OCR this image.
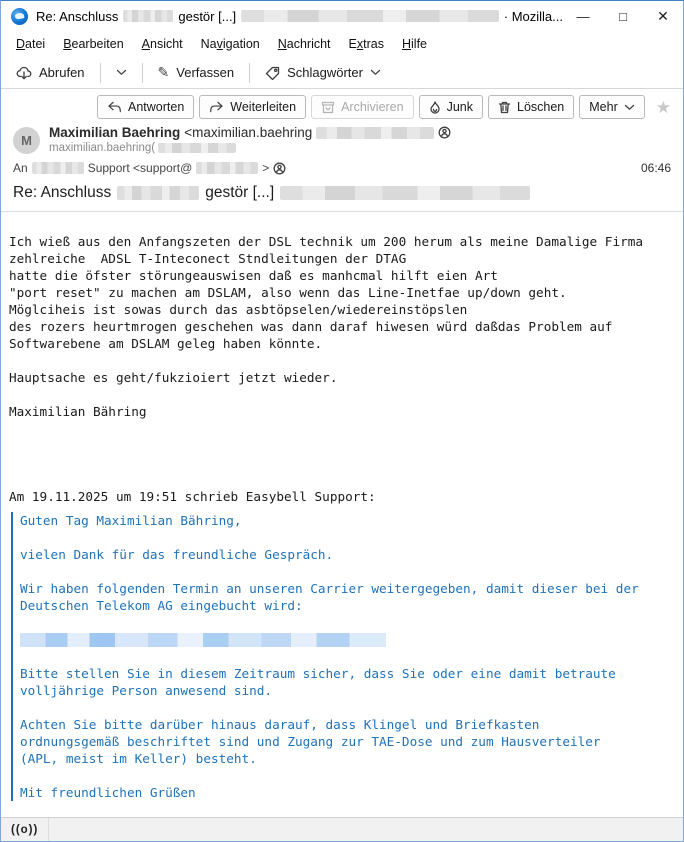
Re: Anschluss	gestör [...]	· Mozilla...	—	□	✕
Datei	Bearbeiten	Ansicht	Navigation	Nachricht	Extras	Hilfe
Abrufen	✎ Verfassen	Schlagwörter
Antworten	Weiterleiten	Archivieren	Junk	Löschen Mehr	★
M
Maximilian Baehring <maximilian.baehring
maximilian.baehring(
An	Support <support@	>	06:46
Re: Anschluss	gestör [...]
Ich wieß aus den Anfangszeten der DSL technik um 200 herum als meine Damalige Firma
zehlreiche  ADSL T-Inteconect Stndleitungen der DTAG
hatte die öfster störungeauswisen daß es manhcmal hilft eien Art
"port reset" zu machen am DSLAM, also wenn das Line-Inetfae up/down geht.
Möglciheis ist sowas durch das asbtöpselen/wiedereinstöpslen
des rozers heurtmrogen geschehen was dann daraf hiwesen würd daßdas Problem auf
Softwarebene am DSLAM geleg haben könnte.
Hauptsache es geht/fukzioiert jetzt wieder.
Maximilian Bähring
Am 19.11.2025 um 19:51 schrieb Easybell Support:
Guten Tag Maximilian Bähring,
vielen Dank für das freundliche Gespräch.
Wir haben folgenden Termin an unseren Carrier weitergegeben, damit dieser bei der
Deutschen Telekom AG eingebucht wird:
Bitte stellen Sie in diesem Zeitraum sicher, dass Sie oder eine damit betraute
volljährige Person anwesend sind.
Achten Sie bitte darüber hinaus darauf, dass Klingel und Briefkasten
ordnungsgemäß beschriftet sind und Zugang zur TAE-Dose und zum Hausverteiler
(APL, meist im Keller) besteht.
Mit freundlichen Grüßen
((o))
